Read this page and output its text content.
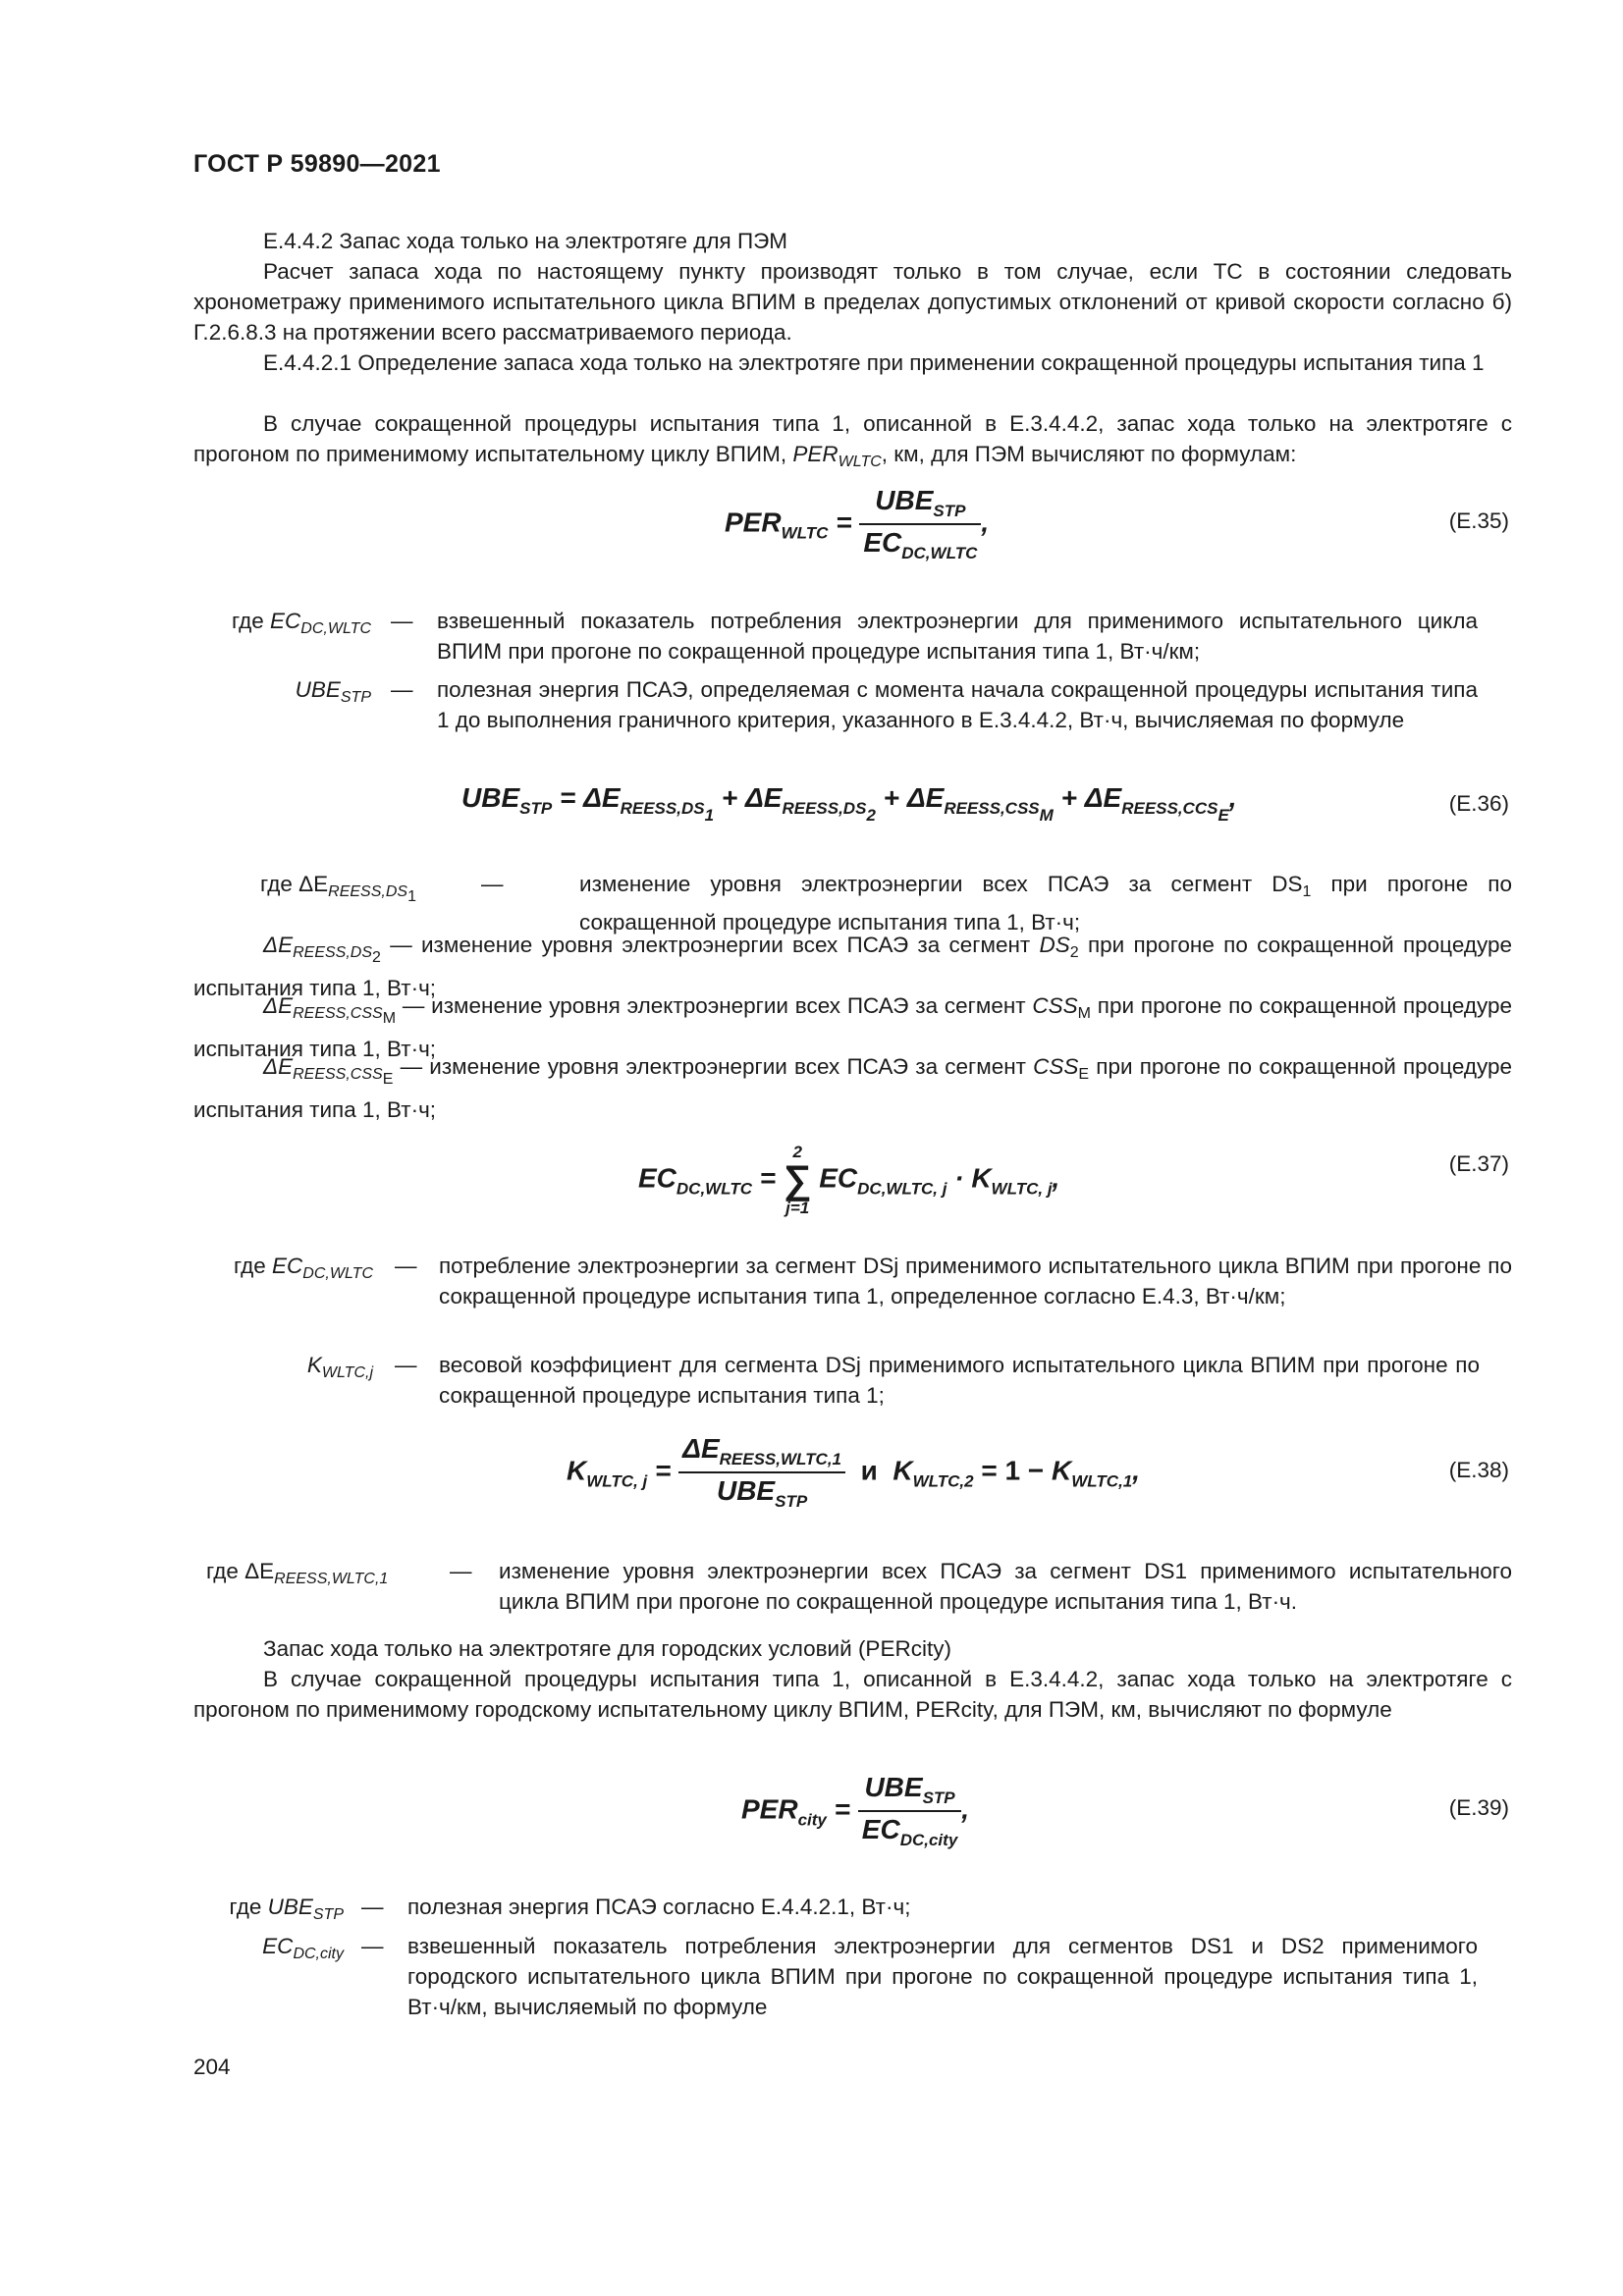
ГОСТ Р 59890—2021
Е.4.4.2 Запас хода только на электротяге для ПЭМ
Расчет запаса хода по настоящему пункту производят только в том случае, если ТС в состоянии следовать хронометражу применимого испытательного цикла ВПИМ в пределах допустимых отклонений от кривой скорости согласно б) Г.2.6.8.3 на протяжении всего рассматриваемого периода.
Е.4.4.2.1 Определение запаса хода только на электротяге при применении сокращенной процедуры испытания типа 1
В случае сокращенной процедуры испытания типа 1, описанной в Е.3.4.4.2, запас хода только на электротяге с прогоном по применимому испытательному циклу ВПИМ, $PER_{WLTC}$, км, для ПЭМ вычисляют по формулам:
$PER_{WLTC} = \frac{UBE_{STP}}{EC_{DC,WLTC}}$ ,	(Е.35)
где $EC_{DC,WLTC}$ — взвешенный показатель потребления электроэнергии для применимого испытательного цикла ВПИМ при прогоне по сокращенной процедуре испытания типа 1, Вт·ч/км;
$UBE_{STP}$ — полезная энергия ПСАЭ, определяемая с момента начала сокращенной процедуры испытания типа 1 до выполнения граничного критерия, указанного в Е.3.4.4.2, Вт·ч, вычисляемая по формуле
$UBE_{STP} = \Delta E_{REESS,DS_1} + \Delta E_{REESS,DS_2} + \Delta E_{REESS,CSS_M} + \Delta E_{REESS,CCS_E}$,	(Е.36)
где $\Delta E_{REESS,DS_1}$
—	изменение уровня электроэнергии всех ПСАЭ за сегмент $DS_1$ при прогоне по сокращенной процедуре испытания типа 1, Вт·ч;
$\Delta E_{REESS,DS_2}$ — изменение уровня электроэнергии всех ПСАЭ за сегмент $DS_2$ при прогоне по сокращенной процедуре испытания типа 1, Вт·ч;
$\Delta E_{REESS,CSS_M}$ — изменение уровня электроэнергии всех ПСАЭ за сегмент $CSS_M$ при прогоне по сокращенной процедуре испытания типа 1, Вт·ч;
$\Delta E_{REESS,CSS_E}$ — изменение уровня электроэнергии всех ПСАЭ за сегмент $CSS_E$ при прогоне по сокращенной процедуре испытания типа 1, Вт·ч;
$EC_{DC,WLTC}$ =
2
∑
j=1
$EC_{DC,WLTC, j} \cdot K_{WLTC, j}$,	(Е.37)
где $EC_{DC,WLTC}$ — потребление электроэнергии за сегмент DSj применимого испытательного цикла ВПИМ при прогоне по сокращенной процедуре испытания типа 1, определенное согласно Е.4.3, Вт·ч/км;
$K_{WLTC,j}$ — весовой коэффициент для сегмента DSj применимого испытательного цикла ВПИМ при прогоне по сокращенной процедуре испытания типа 1;
$K_{WLTC, j} = \frac{\Delta E_{REESS,WLTC,1}}{UBE_{STP}}$ и $K_{WLTC,2} = 1 - K_{WLTC,1}$,	(Е.38)
где $\Delta E_{REESS,WLTC,1}$	— изменение уровня электроэнергии всех ПСАЭ за сегмент DS1 применимого испытательного цикла ВПИМ при прогоне по сокращенной процедуре испытания типа 1, Вт·ч.
Запас хода только на электротяге для городских условий (PERcity)
В случае сокращенной процедуры испытания типа 1, описанной в Е.3.4.4.2, запас хода только на электротяге с прогоном по применимому городскому испытательному циклу ВПИМ, PERcity, для ПЭМ, км, вычисляют по формуле
$PER_{city} = \frac{UBE_{STP}}{EC_{DC,city}}$ ,	(Е.39)
где $UBE_{STP}$ — полезная энергия ПСАЭ согласно Е.4.4.2.1, Вт·ч;
$EC_{DC,city}$ — взвешенный показатель потребления электроэнергии для сегментов DS1 и DS2 применимого городского испытательного цикла ВПИМ при прогоне по сокращенной процедуре испытания типа 1, Вт·ч/км, вычисляемый по формуле
204
